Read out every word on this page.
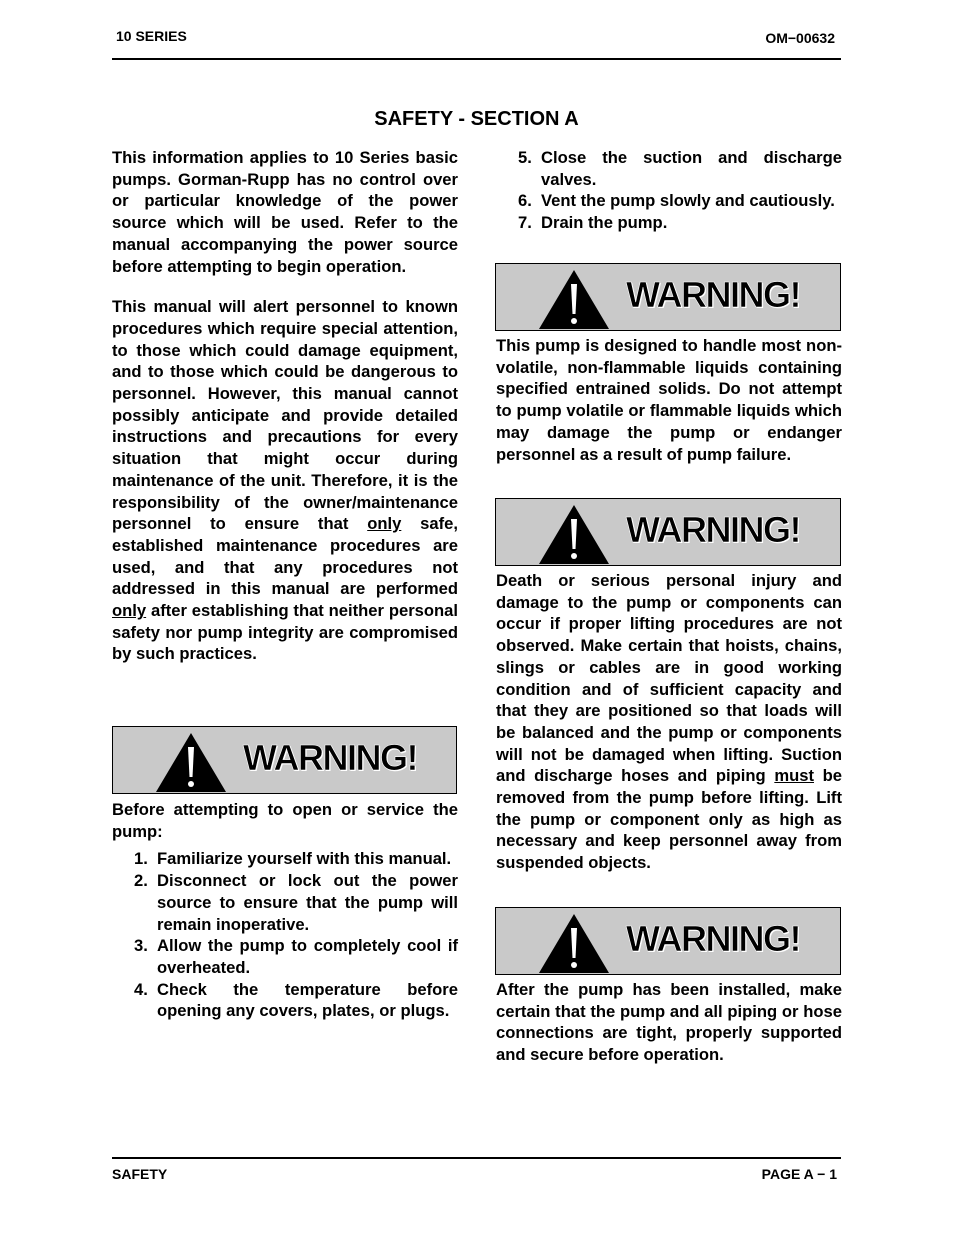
10 SERIES	OM−00632
SAFETY - SECTION A

This information applies to 10 Series basic pumps. Gorman-Rupp has no control over or particular knowledge of the power source which will be used. Refer to the manual accompanying the power source before attempting to begin operation.

This manual will alert personnel to known procedures which require special attention, to those which could damage equipment, and to those which could be dangerous to personnel. However, this manual cannot possibly anticipate and provide detailed instructions and precautions for every situation that might occur during maintenance of the unit. Therefore, it is the responsibility of the owner/maintenance personnel to ensure that only safe, established maintenance procedures are used, and that any procedures not addressed in this manual are performed only after establishing that neither personal safety nor pump integrity are compromised by such practices.

WARNING!

Before attempting to open or service the pump:

1. Familiarize yourself with this manual.
2. Disconnect or lock out the power source to ensure that the pump will remain inoperative.
3. Allow the pump to completely cool if overheated.
4. Check the temperature before opening any covers, plates, or plugs.
5. Close the suction and discharge valves.
6. Vent the pump slowly and cautiously.
7. Drain the pump.
WARNING!

This pump is designed to handle most non-volatile, non-flammable liquids containing specified entrained solids. Do not attempt to pump volatile or flammable liquids which may damage the pump or endanger personnel as a result of pump failure.

WARNING!

Death or serious personal injury and damage to the pump or components can occur if proper lifting procedures are not observed. Make certain that hoists, chains, slings or cables are in good working condition and of sufficient capacity and that they are positioned so that loads will be balanced and the pump or components will not be damaged when lifting. Suction and discharge hoses and piping must be removed from the pump before lifting. Lift the pump or component only as high as necessary and keep personnel away from suspended objects.

WARNING!

After the pump has been installed, make certain that the pump and all piping or hose connections are tight, properly supported and secure before operation.

SAFETY	PAGE A − 1
